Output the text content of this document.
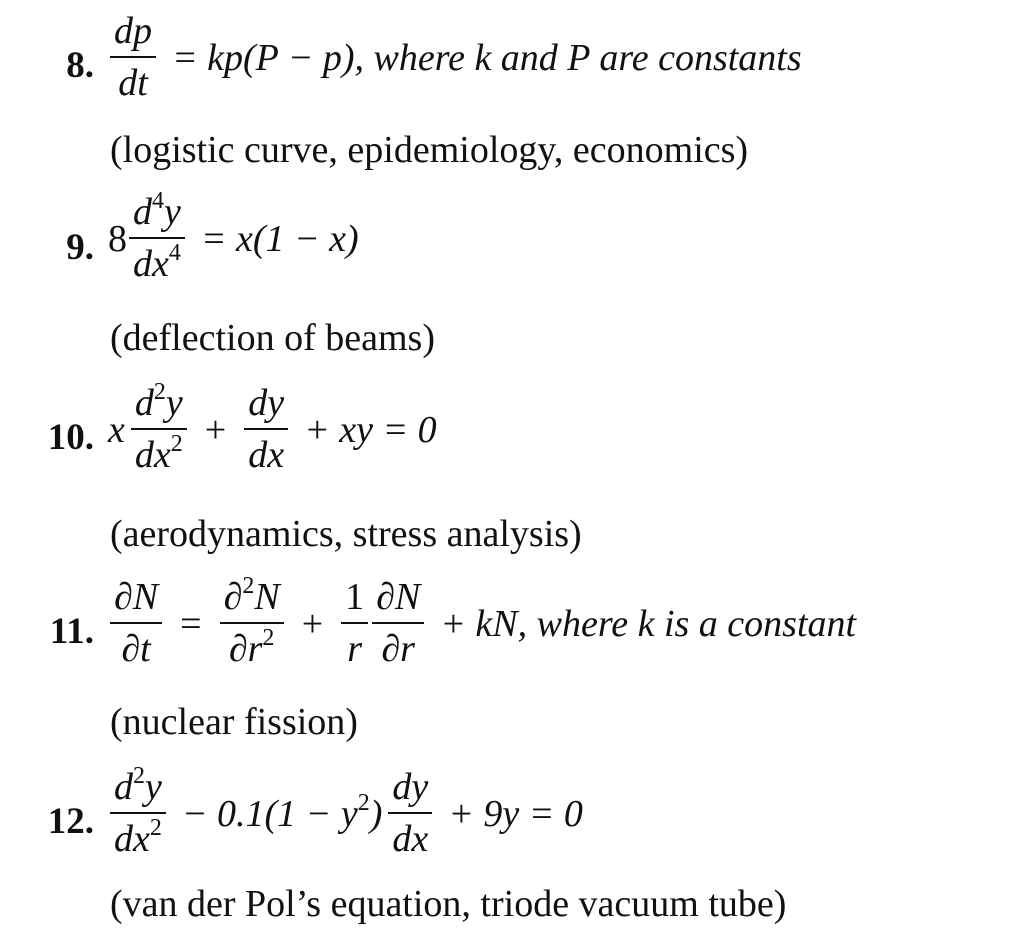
8. $\frac{dp}{dt} = kp(P - p)$, where k and P are constants
(logistic curve, epidemiology, economics)
9. $8 \frac{d^4y}{dx^4} = x(1 - x)$
(deflection of beams)
10. x $\frac{d^2y}{dx^2} + \frac{dy}{dx}$ + xy = 0
(aerodynamics, stress analysis)
11. $\frac{\partial N}{\partial t} = \frac{\partial^2N}{\partial r^2} + \frac{1}{r} \frac{\partial N}{\partial r}$ + kN, where k is a constant
(nuclear fission)
12. $\frac{d^2y}{dx^2} - 0.1(1 - y^2) \frac{dy}{dx} + 9y = 0$
(van der Pol’s equation, triode vacuum tube)
